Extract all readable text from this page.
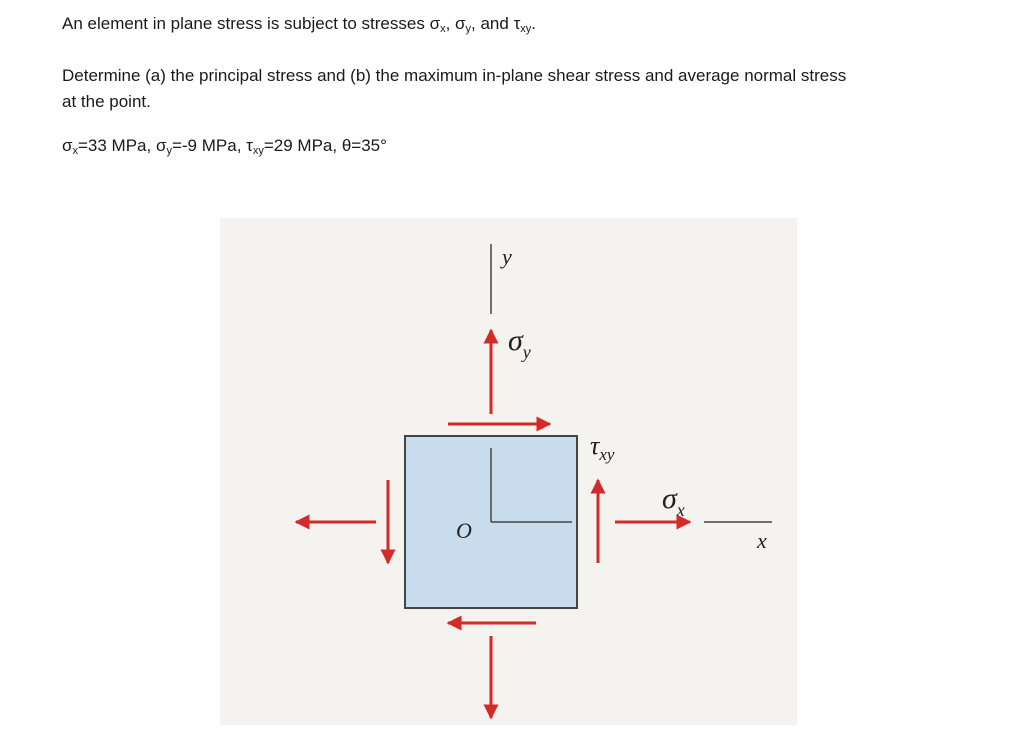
An element in plane stress is subject to stresses $\sigma_x$, $\sigma_y$, and $\tau_{xy}$.
Determine (a) the principal stress and (b) the maximum in-plane shear stress and average normal stress
at the point.
$\sigma_x=33$ MPa, $\sigma_y=-9$ MPa, $\tau_{xy}=29$ MPa, θ=35°
y
$\sigma_y$
O
$\tau_{xy}$
$\sigma_x$
x
